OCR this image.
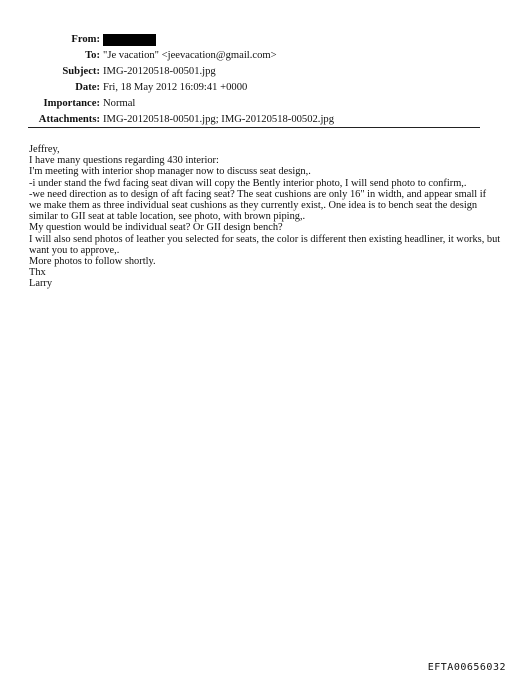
From:
To: "Je vacation" <jeevacation@gmail.com>
Subject: IMG-20120518-00501.jpg
Date: Fri, 18 May 2012 16:09:41 +0000
Importance: Normal
Attachments: IMG-20120518-00501.jpg; IMG-20120518-00502.jpg
Jeffrey,
I have many questions regarding 430 interior:
I'm meeting with interior shop manager now to discuss seat design,.
-i under stand the fwd facing seat divan will copy the Bently interior photo, I will send photo to confirm,.
-we need direction as to design of aft facing seat? The seat cushions are only 16" in width, and appear small if
we make them as three individual seat cushions as they currently exist,. One idea is to bench seat the design
similar to GII seat at table location, see photo, with brown piping,.
My question would be individual seat? Or GII design bench?
I will also send photos of leather you selected for seats, the color is different then existing headliner, it works, but
want you to approve,.
More photos to follow shortly.
Thx
Larry
EFTA00656032
